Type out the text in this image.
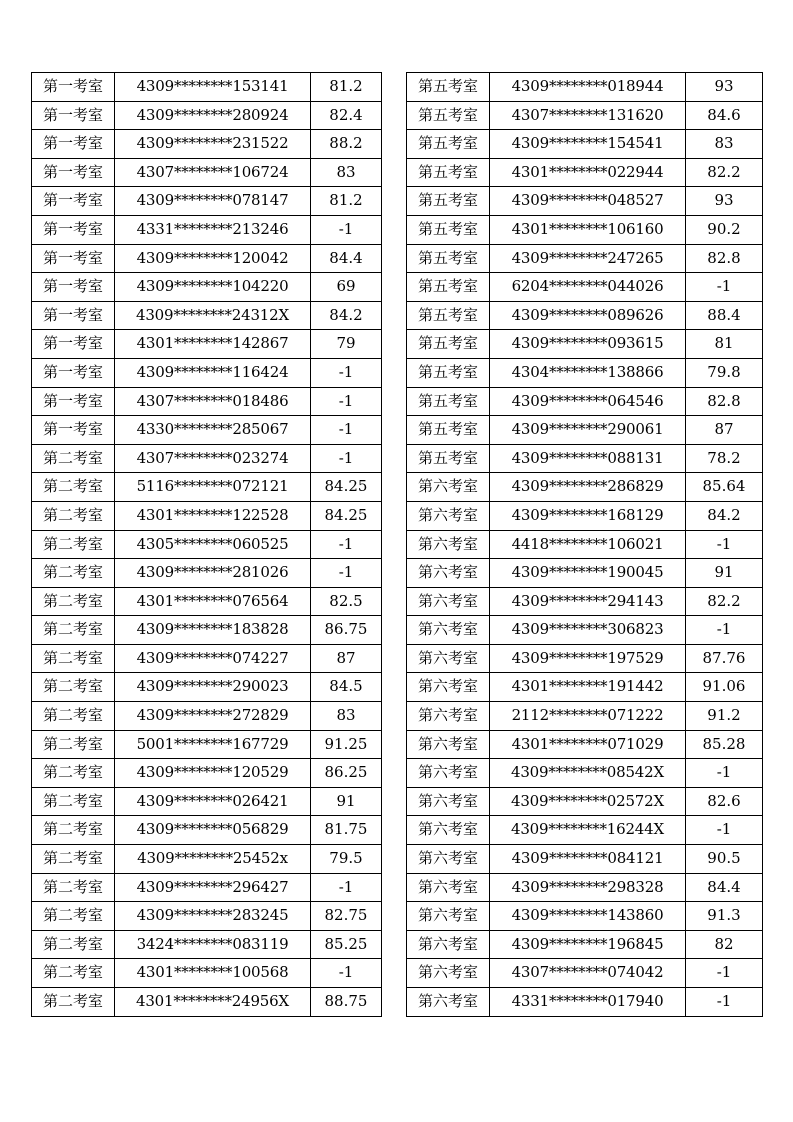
第一考室	4309********153141	81.2
第一考室	4309********280924	82.4
第一考室	4309********231522	88.2
第一考室	4307********106724	83
第一考室	4309********078147	81.2
第一考室	4331********213246	-1
第一考室	4309********120042	84.4
第一考室	4309********104220	69
第一考室	4309********24312X	84.2
第一考室	4301********142867	79
第一考室	4309********116424	-1
第一考室	4307********018486	-1
第一考室	4330********285067	-1
第二考室	4307********023274	-1
第二考室	5116********072121	84.25
第二考室	4301********122528	84.25
第二考室	4305********060525	-1
第二考室	4309********281026	-1
第二考室	4301********076564	82.5
第二考室	4309********183828	86.75
第二考室	4309********074227	87
第二考室	4309********290023	84.5
第二考室	4309********272829	83
第二考室	5001********167729	91.25
第二考室	4309********120529	86.25
第二考室	4309********026421	91
第二考室	4309********056829	81.75
第二考室	4309********25452x	79.5
第二考室	4309********296427	-1
第二考室	4309********283245	82.75
第二考室	3424********083119	85.25
第二考室	4301********100568	-1
第二考室	4301********24956X	88.75
第五考室	4309********018944	93
第五考室	4307********131620	84.6
第五考室	4309********154541	83
第五考室	4301********022944	82.2
第五考室	4309********048527	93
第五考室	4301********106160	90.2
第五考室	4309********247265	82.8
第五考室	6204********044026	-1
第五考室	4309********089626	88.4
第五考室	4309********093615	81
第五考室	4304********138866	79.8
第五考室	4309********064546	82.8
第五考室	4309********290061	87
第五考室	4309********088131	78.2
第六考室	4309********286829	85.64
第六考室	4309********168129	84.2
第六考室	4418********106021	-1
第六考室	4309********190045	91
第六考室	4309********294143	82.2
第六考室	4309********306823	-1
第六考室	4309********197529	87.76
第六考室	4301********191442	91.06
第六考室	2112********071222	91.2
第六考室	4301********071029	85.28
第六考室	4309********08542X	-1
第六考室	4309********02572X	82.6
第六考室	4309********16244X	-1
第六考室	4309********084121	90.5
第六考室	4309********298328	84.4
第六考室	4309********143860	91.3
第六考室	4309********196845	82
第六考室	4307********074042	-1
第六考室	4331********017940	-1
